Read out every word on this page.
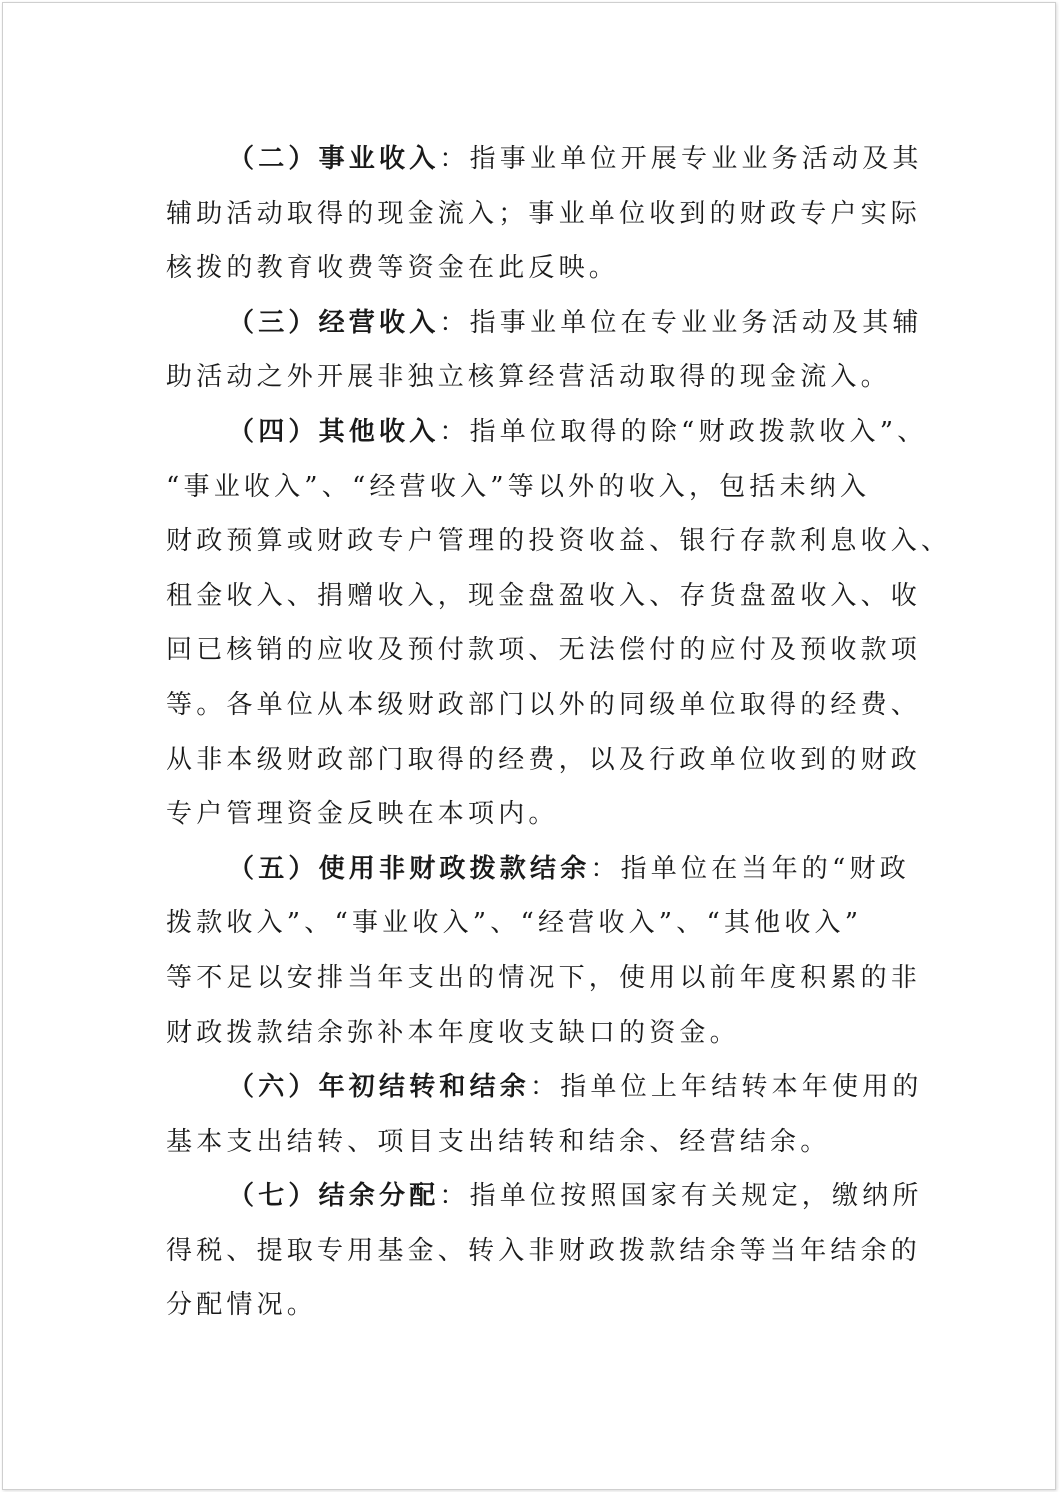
（二）事业收入：指事业单位开展专业业务活动及其
辅助活动取得的现金流入；事业单位收到的财政专户实际
核拨的教育收费等资金在此反映。
（三）经营收入：指事业单位在专业业务活动及其辅
助活动之外开展非独立核算经营活动取得的现金流入。
（四）其他收入：指单位取得的除“财政拨款收入”、
“事业收入”、“经营收入”等以外的收入，包括未纳入
财政预算或财政专户管理的投资收益、银行存款利息收入、
租金收入、捐赠收入，现金盘盈收入、存货盘盈收入、收
回已核销的应收及预付款项、无法偿付的应付及预收款项
等。各单位从本级财政部门以外的同级单位取得的经费、
从非本级财政部门取得的经费，以及行政单位收到的财政
专户管理资金反映在本项内。
（五）使用非财政拨款结余：指单位在当年的“财政
拨款收入”、“事业收入”、“经营收入”、“其他收入”
等不足以安排当年支出的情况下，使用以前年度积累的非
财政拨款结余弥补本年度收支缺口的资金。
（六）年初结转和结余：指单位上年结转本年使用的
基本支出结转、项目支出结转和结余、经营结余。
（七）结余分配：指单位按照国家有关规定，缴纳所
得税、提取专用基金、转入非财政拨款结余等当年结余的
分配情况。
